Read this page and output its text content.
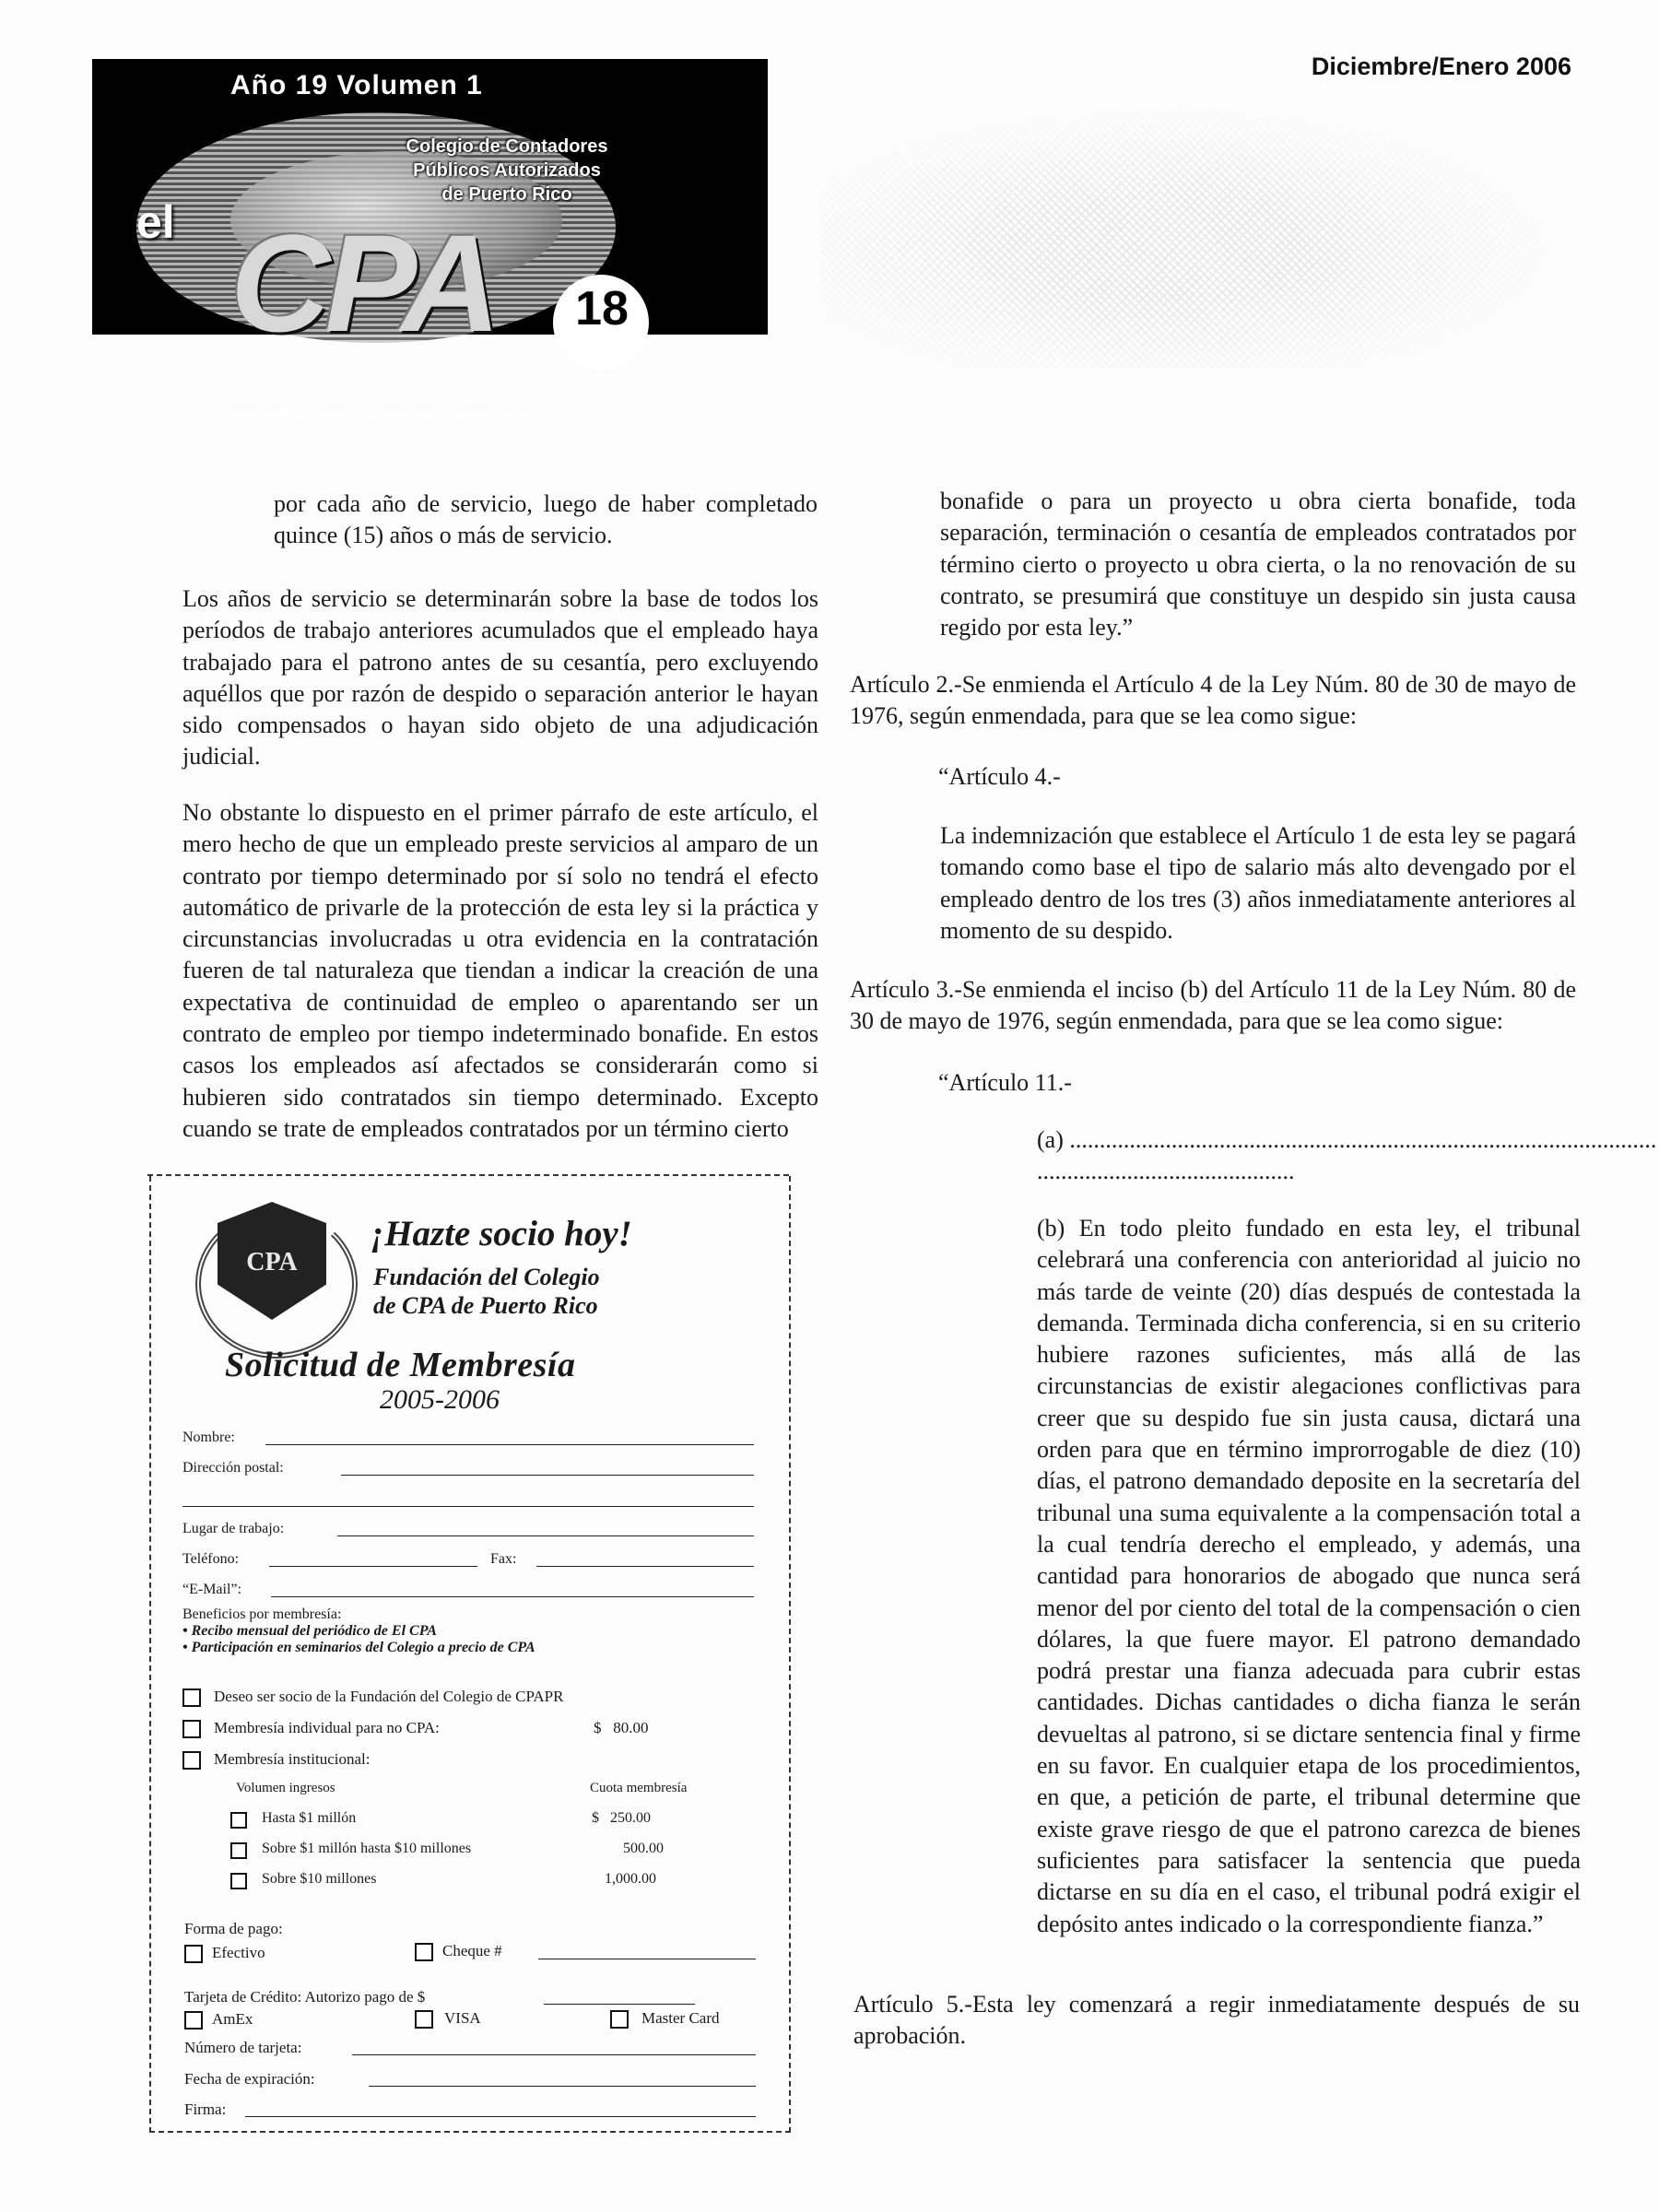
Año 19 Volumen 1
Colegio de Contadores
Públicos Autorizados
de Puerto Rico
el CPA
Protegiendo el Bienestar Económico de Puerto Rico
18
Diciembre/Enero 2006

por cada año de servicio, luego de haber completado quince (15) años o más de servicio.

Los años de servicio se determinarán sobre la base de todos los períodos de trabajo anteriores acumulados que el empleado haya trabajado para el patrono antes de su cesantía, pero excluyendo aquéllos que por razón de despido o separación anterior le hayan sido compensados o hayan sido objeto de una adjudicación judicial.

No obstante lo dispuesto en el primer párrafo de este artículo, el mero hecho de que un empleado preste servicios al amparo de un contrato por tiempo determinado por sí solo no tendrá el efecto automático de privarle de la protección de esta ley si la práctica y circunstancias involucradas u otra evidencia en la contratación fueren de tal naturaleza que tiendan a indicar la creación de una expectativa de continuidad de empleo o aparentando ser un contrato de empleo por tiempo indeterminado bonafide. En estos casos los empleados así afectados se considerarán como si hubieren sido contratados sin tiempo determinado. Excepto cuando se trate de empleados contratados por un término cierto

bonafide o para un proyecto u obra cierta bonafide, toda separación, terminación o cesantía de empleados contratados por término cierto o proyecto u obra cierta, o la no renovación de su contrato, se presumirá que constituye un despido sin justa causa regido por esta ley.”

Artículo 2.-Se enmienda el Artículo 4 de la Ley Núm. 80 de 30 de mayo de 1976, según enmendada, para que se lea como sigue:

“Artículo 4.-

La indemnización que establece el Artículo 1 de esta ley se pagará tomando como base el tipo de salario más alto devengado por el empleado dentro de los tres (3) años inmediatamente anteriores al momento de su despido.

Artículo 3.-Se enmienda el inciso (b) del Artículo 11 de la Ley Núm. 80 de 30 de mayo de 1976, según enmendada, para que se lea como sigue:

“Artículo 11.-

(a) ..................................................................................................
...........................................

(b) En todo pleito fundado en esta ley, el tribunal celebrará una conferencia con anterioridad al juicio no más tarde de veinte (20) días después de contestada la demanda. Terminada dicha conferencia, si en su criterio hubiere razones suficientes, más allá de las circunstancias de existir alegaciones conflictivas para creer que su despido fue sin justa causa, dictará una orden para que en término improrrogable de diez (10) días, el patrono demandado deposite en la secretaría del tribunal una suma equivalente a la compensación total a la cual tendría derecho el empleado, y además, una cantidad para honorarios de abogado que nunca será menor del por ciento del total de la compensación o cien dólares, la que fuere mayor. El patrono demandado podrá prestar una fianza adecuada para cubrir estas cantidades. Dichas cantidades o dicha fianza le serán devueltas al patrono, si se dictare sentencia final y firme en su favor. En cualquier etapa de los procedimientos, en que, a petición de parte, el tribunal determine que existe grave riesgo de que el patrono carezca de bienes suficientes para satisfacer la sentencia que pueda dictarse en su día en el caso, el tribunal podrá exigir el depósito antes indicado o la correspondiente fianza.”

Artículo 5.-Esta ley comenzará a regir inmediatamente después de su aprobación.

CPA
¡Hazte socio hoy!
Fundación del Colegio
de CPA de Puerto Rico
Solicitud de Membresía
2005-2006
Nombre:
Dirección postal:
Lugar de trabajo:
Teléfono:	Fax:
“E-Mail”:
Beneficios por membresía:
• Recibo mensual del periódico de El CPA
• Participación en seminarios del Colegio a precio de CPA
Deseo ser socio de la Fundación del Colegio de CPAPR
Membresía individual para no CPA:	$   80.00
Membresía institucional:
Volumen ingresos	Cuota membresía
Hasta $1 millón	$   250.00
Sobre $1 millón hasta $10 millones	500.00
Sobre $10 millones	1,000.00
Forma de pago:
Efectivo	Cheque #
Tarjeta de Crédito: Autorizo pago de $
AmEx	VISA	Master Card
Número de tarjeta:
Fecha de expiración:
Firma:
